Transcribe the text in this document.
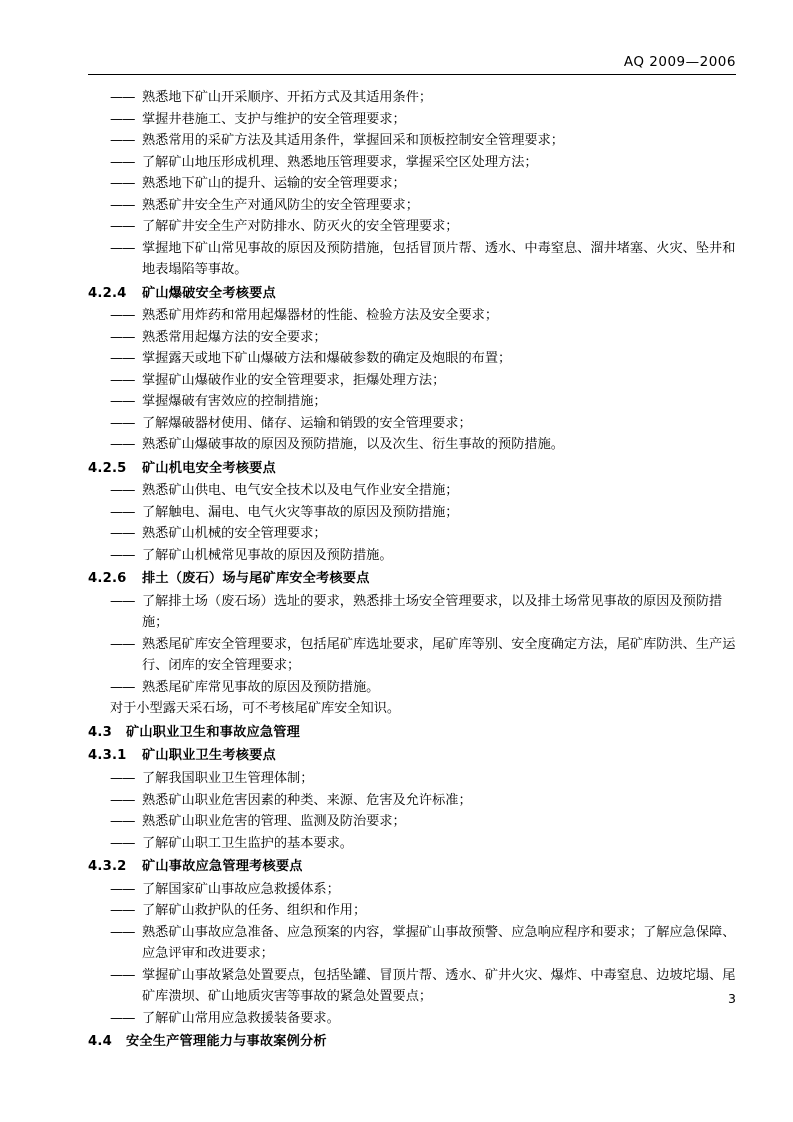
AQ 2009—2006
—— 熟悉地下矿山开采顺序、开拓方式及其适用条件；
—— 掌握井巷施工、支护与维护的安全管理要求；
—— 熟悉常用的采矿方法及其适用条件，掌握回采和顶板控制安全管理要求；
—— 了解矿山地压形成机理、熟悉地压管理要求，掌握采空区处理方法；
—— 熟悉地下矿山的提升、运输的安全管理要求；
—— 熟悉矿井安全生产对通风防尘的安全管理要求；
—— 了解矿井安全生产对防排水、防灭火的安全管理要求；
—— 掌握地下矿山常见事故的原因及预防措施，包括冒顶片帮、透水、中毒窒息、溜井堵塞、火灾、坠井和地表塌陷等事故。
4.2.4 矿山爆破安全考核要点
—— 熟悉矿用炸药和常用起爆器材的性能、检验方法及安全要求；
—— 熟悉常用起爆方法的安全要求；
—— 掌握露天或地下矿山爆破方法和爆破参数的确定及炮眼的布置；
—— 掌握矿山爆破作业的安全管理要求，拒爆处理方法；
—— 掌握爆破有害效应的控制措施；
—— 了解爆破器材使用、储存、运输和销毁的安全管理要求；
—— 熟悉矿山爆破事故的原因及预防措施，以及次生、衍生事故的预防措施。
4.2.5 矿山机电安全考核要点
—— 熟悉矿山供电、电气安全技术以及电气作业安全措施；
—— 了解触电、漏电、电气火灾等事故的原因及预防措施；
—— 熟悉矿山机械的安全管理要求；
—— 了解矿山机械常见事故的原因及预防措施。
4.2.6 排土（废石）场与尾矿库安全考核要点
—— 了解排土场（废石场）选址的要求，熟悉排土场安全管理要求，以及排土场常见事故的原因及预防措施；
—— 熟悉尾矿库安全管理要求，包括尾矿库选址要求，尾矿库等别、安全度确定方法，尾矿库防洪、生产运行、闭库的安全管理要求；
—— 熟悉尾矿库常见事故的原因及预防措施。

对于小型露天采石场，可不考核尾矿库安全知识。

4.3 矿山职业卫生和事故应急管理
4.3.1 矿山职业卫生考核要点
—— 了解我国职业卫生管理体制；
—— 熟悉矿山职业危害因素的种类、来源、危害及允许标准；
—— 熟悉矿山职业危害的管理、监测及防治要求；
—— 了解矿山职工卫生监护的基本要求。
4.3.2 矿山事故应急管理考核要点
—— 了解国家矿山事故应急救援体系；
—— 了解矿山救护队的任务、组织和作用；
—— 熟悉矿山事故应急准备、应急预案的内容，掌握矿山事故预警、应急响应程序和要求；了解应急保障、应急评审和改进要求；
—— 掌握矿山事故紧急处置要点，包括坠罐、冒顶片帮、透水、矿井火灾、爆炸、中毒窒息、边坡坨塌、尾矿库溃坝、矿山地质灾害等事故的紧急处置要点；
—— 了解矿山常用应急救援装备要求。
4.4 安全生产管理能力与事故案例分析
3
